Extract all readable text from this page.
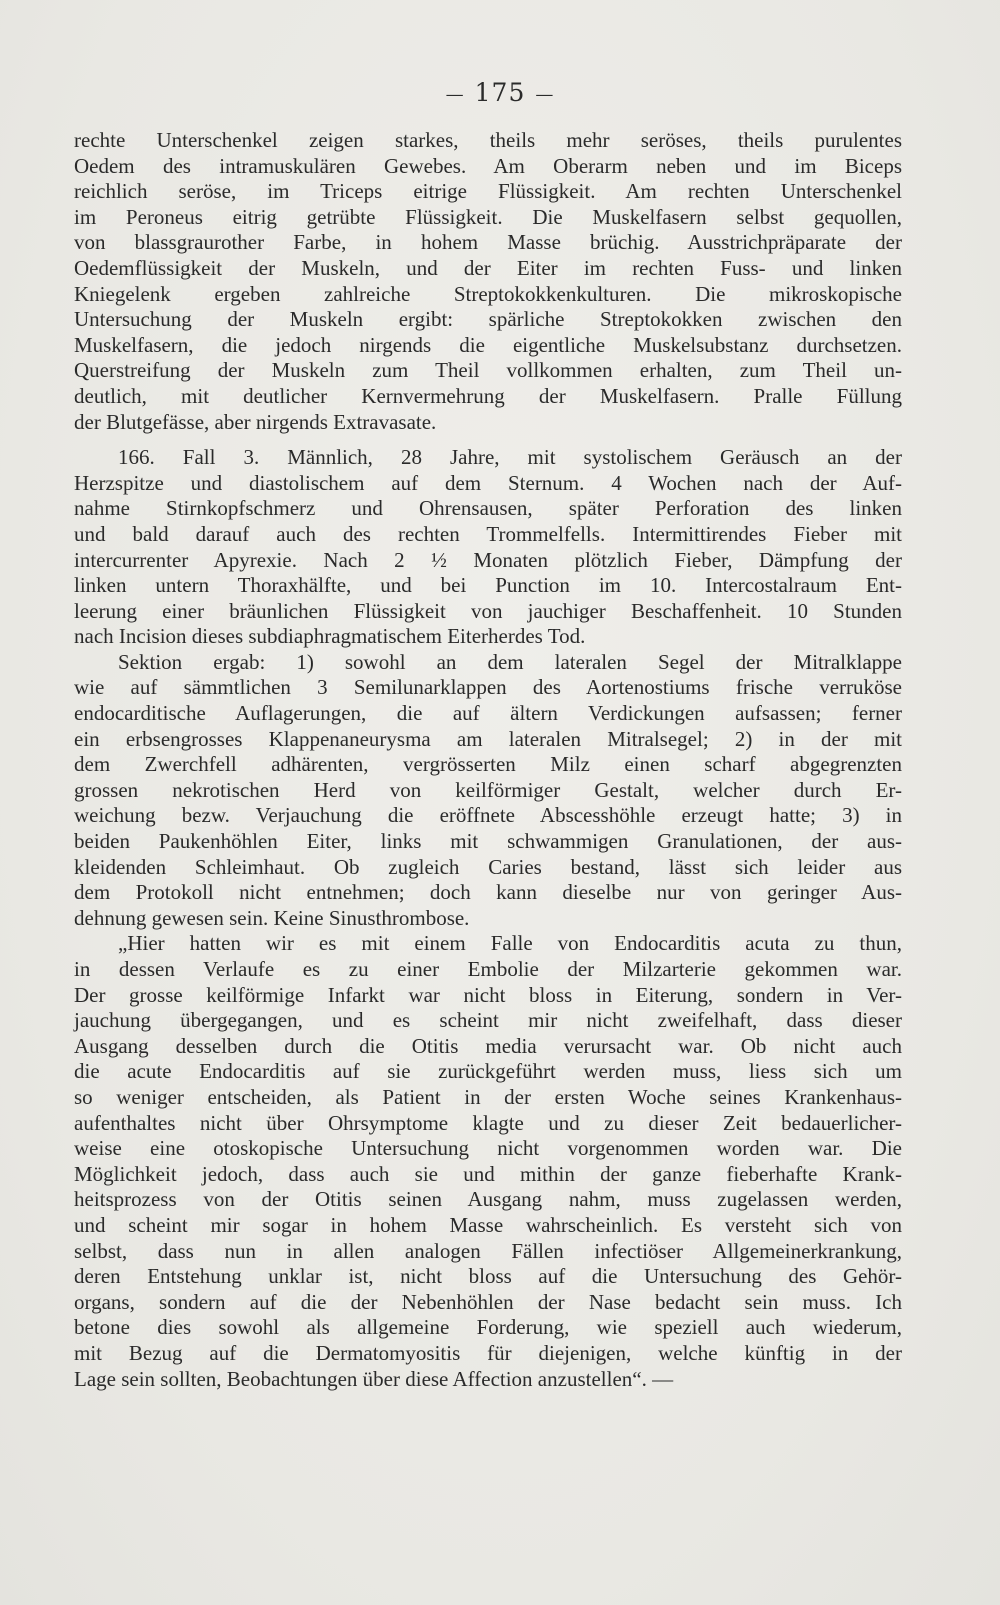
— 175 —
rechte Unterschenkel zeigen starkes, theils mehr seröses, theils purulentes
Oedem des intramuskulären Gewebes. Am Oberarm neben und im Biceps
reichlich seröse, im Triceps eitrige Flüssigkeit. Am rechten Unterschenkel
im Peroneus eitrig getrübte Flüssigkeit. Die Muskelfasern selbst gequollen,
von blassgraurother Farbe, in hohem Masse brüchig. Ausstrichpräparate der
Oedemflüssigkeit der Muskeln, und der Eiter im rechten Fuss- und linken
Kniegelenk ergeben zahlreiche Streptokokkenkulturen. Die mikroskopische
Untersuchung der Muskeln ergibt: spärliche Streptokokken zwischen den
Muskelfasern, die jedoch nirgends die eigentliche Muskelsubstanz durchsetzen.
Querstreifung der Muskeln zum Theil vollkommen erhalten, zum Theil un-
deutlich, mit deutlicher Kernvermehrung der Muskelfasern. Pralle Füllung
der Blutgefässe, aber nirgends Extravasate.
166. Fall 3. Männlich, 28 Jahre, mit systolischem Geräusch an der
Herzspitze und diastolischem auf dem Sternum. 4 Wochen nach der Auf-
nahme Stirnkopfschmerz und Ohrensausen, später Perforation des linken
und bald darauf auch des rechten Trommelfells. Intermittirendes Fieber mit
intercurrenter Apyrexie. Nach 2 ½ Monaten plötzlich Fieber, Dämpfung der
linken untern Thoraxhälfte, und bei Punction im 10. Intercostalraum Ent-
leerung einer bräunlichen Flüssigkeit von jauchiger Beschaffenheit. 10 Stunden
nach Incision dieses subdiaphragmatischem Eiterherdes Tod.
Sektion ergab: 1) sowohl an dem lateralen Segel der Mitralklappe
wie auf sämmtlichen 3 Semilunarklappen des Aortenostiums frische verruköse
endocarditische Auflagerungen, die auf ältern Verdickungen aufsassen; ferner
ein erbsengrosses Klappenaneurysma am lateralen Mitralsegel; 2) in der mit
dem Zwerchfell adhärenten, vergrösserten Milz einen scharf abgegrenzten
grossen nekrotischen Herd von keilförmiger Gestalt, welcher durch Er-
weichung bezw. Verjauchung die eröffnete Abscesshöhle erzeugt hatte; 3) in
beiden Paukenhöhlen Eiter, links mit schwammigen Granulationen, der aus-
kleidenden Schleimhaut. Ob zugleich Caries bestand, lässt sich leider aus
dem Protokoll nicht entnehmen; doch kann dieselbe nur von geringer Aus-
dehnung gewesen sein. Keine Sinusthrombose.
„Hier hatten wir es mit einem Falle von Endocarditis acuta zu thun,
in dessen Verlaufe es zu einer Embolie der Milzarterie gekommen war.
Der grosse keilförmige Infarkt war nicht bloss in Eiterung, sondern in Ver-
jauchung übergegangen, und es scheint mir nicht zweifelhaft, dass dieser
Ausgang desselben durch die Otitis media verursacht war. Ob nicht auch
die acute Endocarditis auf sie zurückgeführt werden muss, liess sich um
so weniger entscheiden, als Patient in der ersten Woche seines Krankenhaus-
aufenthaltes nicht über Ohrsymptome klagte und zu dieser Zeit bedauerlicher-
weise eine otoskopische Untersuchung nicht vorgenommen worden war. Die
Möglichkeit jedoch, dass auch sie und mithin der ganze fieberhafte Krank-
heitsprozess von der Otitis seinen Ausgang nahm, muss zugelassen werden,
und scheint mir sogar in hohem Masse wahrscheinlich. Es versteht sich von
selbst, dass nun in allen analogen Fällen infectiöser Allgemeinerkrankung,
deren Entstehung unklar ist, nicht bloss auf die Untersuchung des Gehör-
organs, sondern auf die der Nebenhöhlen der Nase bedacht sein muss. Ich
betone dies sowohl als allgemeine Forderung, wie speziell auch wiederum,
mit Bezug auf die Dermatomyositis für diejenigen, welche künftig in der
Lage sein sollten, Beobachtungen über diese Affection anzustellen“. —
